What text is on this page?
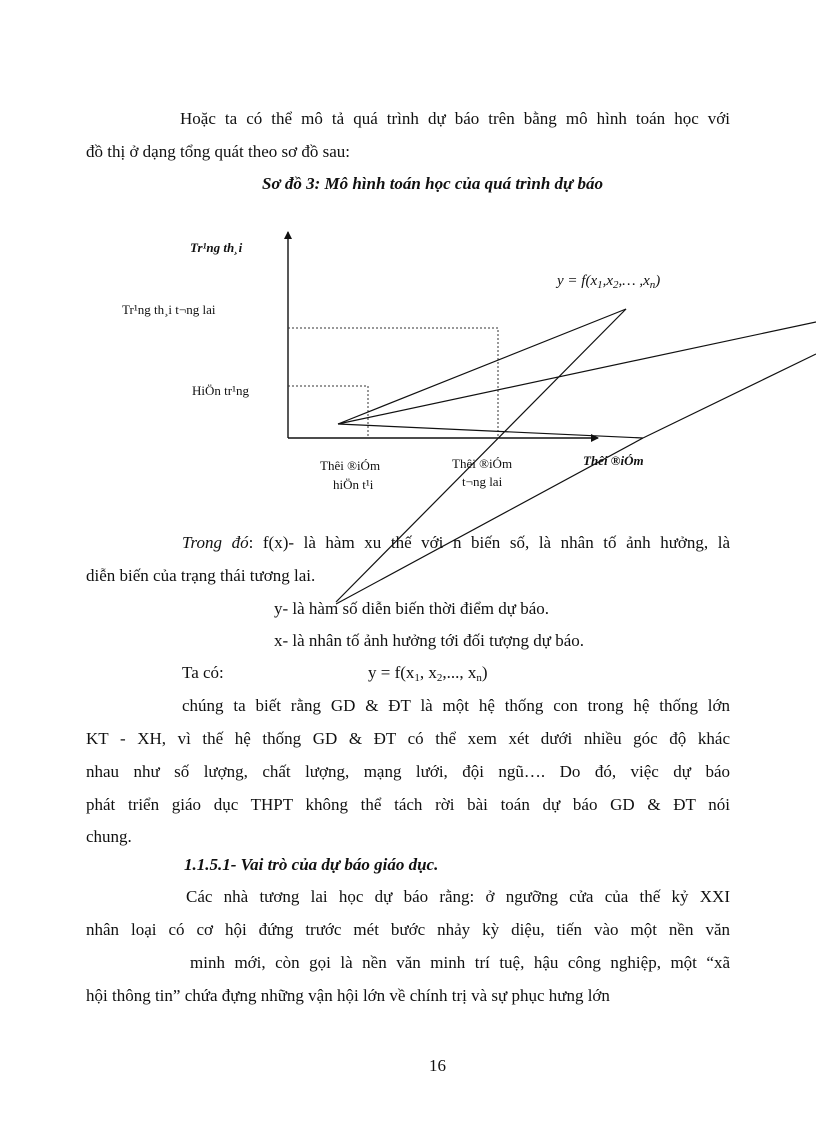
Hoặc ta có thể mô tả quá trình dự báo trên bằng mô hình toán học với
đồ thị ở dạng tổng quát theo sơ đồ sau:
Sơ đồ 3: Mô hình toán học của quá trình dự báo
Tr¹ng th¸i
Tr¹ng th¸i t¬ng lai
HiÖn tr¹ng
$y = f(x_1,x_2,\dots$ $,x_n$)
Thêi ®iÓm
hiÖn t¹i
Thêi ®iÓm
t¬ng lai
Thêi ®iÓm
Trong đó: f(x)- là hàm xu thế với n biến số, là nhân tố ảnh hưởng, là
diễn biến của trạng thái tương lai.
y- là hàm số diễn biến thời điểm dự báo.
x- là nhân tố ảnh hưởng tới đối tượng dự báo.
Ta có:	$y = f(x_1$, $x_2$,..., $x_n$)
chúng ta biết rằng GD & ĐT là một hệ thống con trong hệ thống lớn
KT - XH, vì thế hệ thống GD & ĐT có thể xem xét dưới nhiều góc độ khác
nhau như số lượng, chất lượng, mạng lưới, đội ngũ…. Do đó, việc dự báo
phát triển giáo dục THPT không thể tách rời bài toán dự báo GD & ĐT nói
chung.
1.1.5.1- Vai trò của dự báo giáo dục.
Các nhà tương lai học dự báo rằng: ở ngưỡng cửa của thế kỷ XXI
nhân loại có cơ hội đứng trước mét bước nhảy kỳ diệu, tiến vào một nền văn
minh mới, còn gọi là nền văn minh trí tuệ, hậu công nghiệp, một “xã
hội thông tin” chứa đựng những vận hội lớn về chính trị và sự phục hưng lớn
16
